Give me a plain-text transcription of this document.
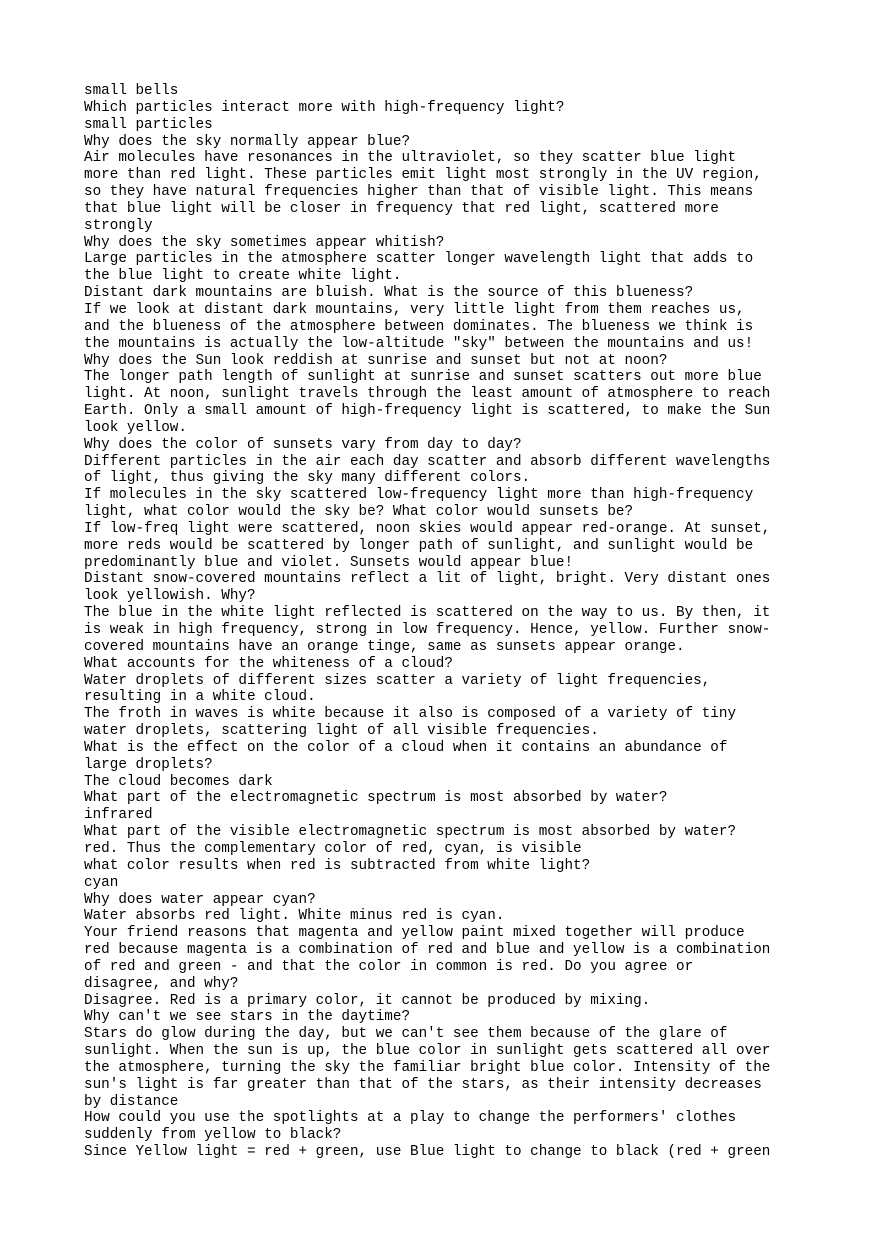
small bells
Which particles interact more with high-frequency light?
small particles
Why does the sky normally appear blue?
Air molecules have resonances in the ultraviolet, so they scatter blue light
more than red light. These particles emit light most strongly in the UV region,
so they have natural frequencies higher than that of visible light. This means
that blue light will be closer in frequency that red light, scattered more
strongly
Why does the sky sometimes appear whitish?
Large particles in the atmosphere scatter longer wavelength light that adds to
the blue light to create white light.
Distant dark mountains are bluish. What is the source of this blueness?
If we look at distant dark mountains, very little light from them reaches us,
and the blueness of the atmosphere between dominates. The blueness we think is
the mountains is actually the low-altitude "sky" between the mountains and us!
Why does the Sun look reddish at sunrise and sunset but not at noon?
The longer path length of sunlight at sunrise and sunset scatters out more blue
light. At noon, sunlight travels through the least amount of atmosphere to reach
Earth. Only a small amount of high-frequency light is scattered, to make the Sun
look yellow.
Why does the color of sunsets vary from day to day?
Different particles in the air each day scatter and absorb different wavelengths
of light, thus giving the sky many different colors.
If molecules in the sky scattered low-frequency light more than high-frequency
light, what color would the sky be? What color would sunsets be?
If low-freq light were scattered, noon skies would appear red-orange. At sunset,
more reds would be scattered by longer path of sunlight, and sunlight would be
predominantly blue and violet. Sunsets would appear blue!
Distant snow-covered mountains reflect a lit of light, bright. Very distant ones
look yellowish. Why?
The blue in the white light reflected is scattered on the way to us. By then, it
is weak in high frequency, strong in low frequency. Hence, yellow. Further snow-
covered mountains have an orange tinge, same as sunsets appear orange.
What accounts for the whiteness of a cloud?
Water droplets of different sizes scatter a variety of light frequencies,
resulting in a white cloud.
The froth in waves is white because it also is composed of a variety of tiny
water droplets, scattering light of all visible frequencies.
What is the effect on the color of a cloud when it contains an abundance of
large droplets?
The cloud becomes dark
What part of the electromagnetic spectrum is most absorbed by water?
infrared
What part of the visible electromagnetic spectrum is most absorbed by water?
red. Thus the complementary color of red, cyan, is visible
what color results when red is subtracted from white light?
cyan
Why does water appear cyan?
Water absorbs red light. White minus red is cyan.
Your friend reasons that magenta and yellow paint mixed together will produce
red because magenta is a combination of red and blue and yellow is a combination
of red and green - and that the color in common is red. Do you agree or
disagree, and why?
Disagree. Red is a primary color, it cannot be produced by mixing.
Why can't we see stars in the daytime?
Stars do glow during the day, but we can't see them because of the glare of
sunlight. When the sun is up, the blue color in sunlight gets scattered all over
the atmosphere, turning the sky the familiar bright blue color. Intensity of the
sun's light is far greater than that of the stars, as their intensity decreases
by distance
How could you use the spotlights at a play to change the performers' clothes
suddenly from yellow to black?
Since Yellow light = red + green, use Blue light to change to black (red + green
